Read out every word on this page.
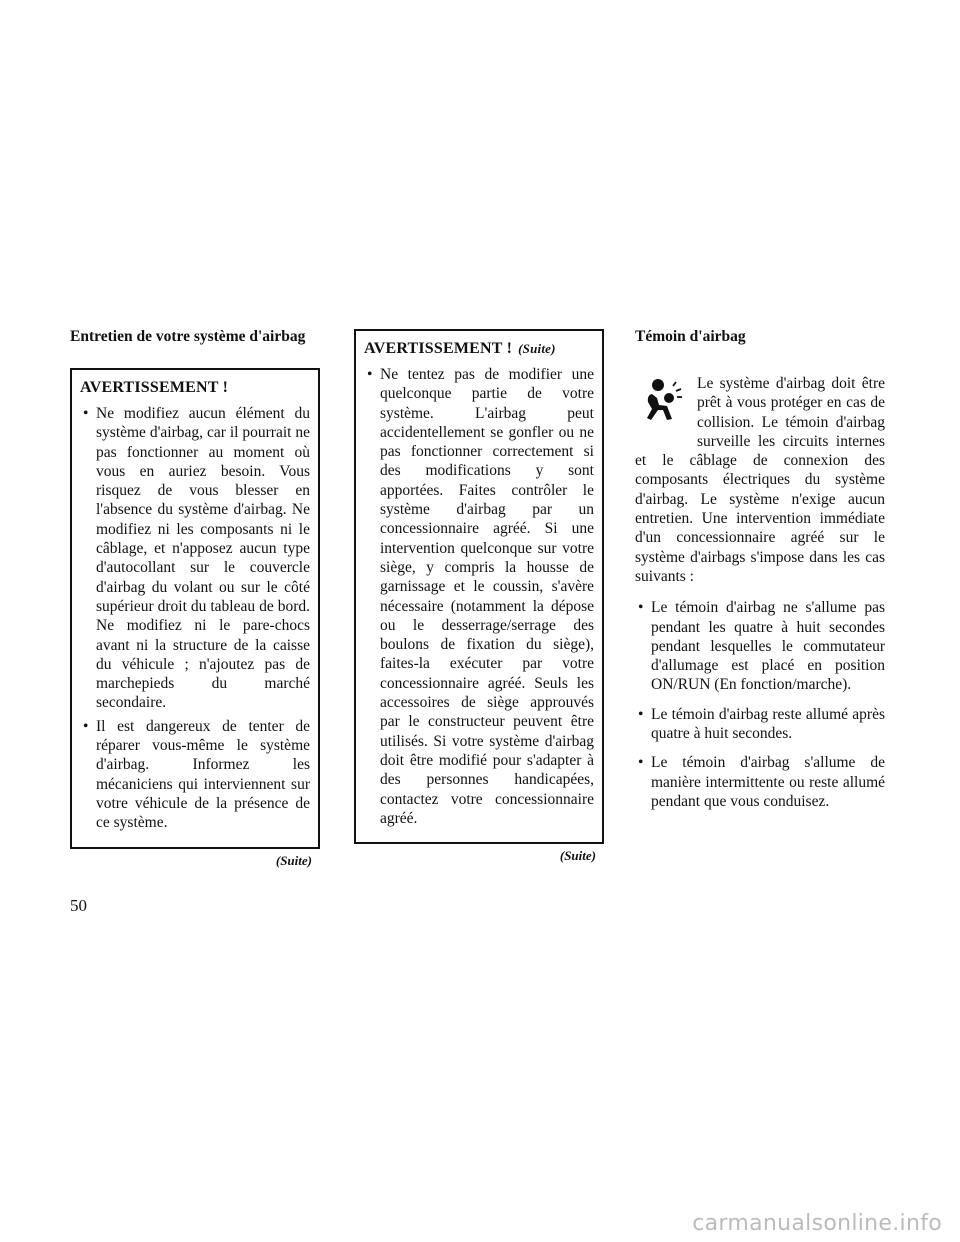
Entretien de votre système d'airbag
AVERTISSEMENT !
• Ne modifiez aucun élément du système d'airbag, car il pourrait ne pas fonctionner au moment où vous en auriez besoin. Vous risquez de vous blesser en l'absence du système d'airbag. Ne modifiez ni les composants ni le câblage, et n'apposez aucun type d'autocollant sur le couvercle d'airbag du volant ou sur le côté supérieur droit du tableau de bord. Ne modifiez ni le pare-chocs avant ni la structure de la caisse du véhicule ; n'ajoutez pas de marchepieds du marché secondaire.
• Il est dangereux de tenter de réparer vous-même le système d'airbag. Informez les mécaniciens qui interviennent sur votre véhicule de la présence de ce système.
(Suite)
AVERTISSEMENT ! (Suite)
• Ne tentez pas de modifier une quelconque partie de votre système. L'airbag peut accidentellement se gonfler ou ne pas fonctionner correctement si des modifications y sont apportées. Faites contrôler le système d'airbag par un concessionnaire agréé. Si une intervention quelconque sur votre siège, y compris la housse de garnissage et le coussin, s'avère nécessaire (notamment la dépose ou le desserrage/serrage des boulons de fixation du siège), faites-la exécuter par votre concessionnaire agréé. Seuls les accessoires de siège approuvés par le constructeur peuvent être utilisés. Si votre système d'airbag doit être modifié pour s'adapter à des personnes handicapées, contactez votre concessionnaire agréé.
(Suite)
Témoin d'airbag

Le système d'airbag doit être prêt à vous protéger en cas de collision. Le témoin d'airbag surveille les circuits internes et le câblage de connexion des composants électriques du système d'airbag. Le système n'exige aucun entretien. Une intervention immédiate d'un concessionnaire agréé sur le système d'airbags s'impose dans les cas suivants :

• Le témoin d'airbag ne s'allume pas pendant les quatre à huit secondes pendant lesquelles le commutateur d'allumage est placé en position ON/RUN (En fonction/marche).
• Le témoin d'airbag reste allumé après quatre à huit secondes.
• Le témoin d'airbag s'allume de manière intermittente ou reste allumé pendant que vous conduisez.
50
carmanualsonline.info
